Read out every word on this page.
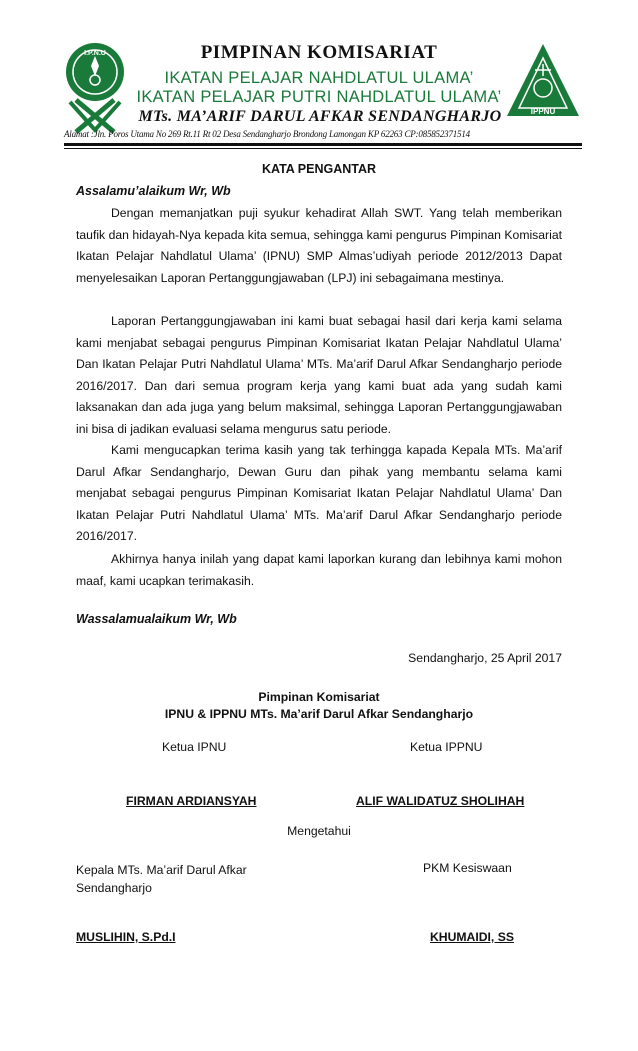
I.P.N.U
IPPNU
PIMPINAN KOMISARIAT
IKATAN PELAJAR NAHDLATUL ULAMA’
IKATAN PELAJAR PUTRI NAHDLATUL ULAMA’
MTs. MA’ARIF DARUL AFKAR SENDANGHARJO
Alamat :Jln. Poros Utama No 269 Rt.11 Rt 02 Desa Sendangharjo Brondong Lamongan KP 62263 CP:085852371514
KATA PENGANTAR
Assalamu’alaikum Wr, Wb
Dengan memanjatkan puji syukur kehadirat Allah SWT. Yang telah memberikan taufik dan hidayah-Nya kepada kita semua, sehingga kami pengurus Pimpinan Komisariat Ikatan Pelajar Nahdlatul Ulama’ (IPNU) SMP Almas’udiyah periode 2012/2013 Dapat menyelesaikan Laporan Pertanggungjawaban (LPJ) ini sebagaimana mestinya.
Laporan Pertanggungjawaban ini kami buat sebagai hasil dari kerja kami selama kami menjabat sebagai pengurus Pimpinan Komisariat Ikatan Pelajar Nahdlatul Ulama’ Dan Ikatan Pelajar Putri Nahdlatul Ulama’ MTs. Ma’arif Darul Afkar Sendangharjo periode 2016/2017. Dan dari semua program kerja yang kami buat ada yang sudah kami laksanakan dan ada juga yang belum maksimal, sehingga Laporan Pertanggungjawaban ini bisa di jadikan evaluasi selama mengurus satu periode.
Kami mengucapkan terima kasih yang tak terhingga kapada Kepala MTs. Ma’arif Darul Afkar Sendangharjo, Dewan Guru dan pihak yang membantu selama kami menjabat sebagai pengurus Pimpinan Komisariat Ikatan Pelajar Nahdlatul Ulama’ Dan Ikatan Pelajar Putri Nahdlatul Ulama’ MTs. Ma’arif Darul Afkar Sendangharjo periode 2016/2017.
Akhirnya hanya inilah yang dapat kami laporkan kurang dan lebihnya kami mohon maaf, kami ucapkan terimakasih.
Wassalamualaikum Wr, Wb
Sendangharjo, 25 April 2017
Pimpinan Komisariat
IPNU & IPPNU MTs. Ma’arif Darul Afkar Sendangharjo
Ketua IPNU	Ketua IPPNU
FIRMAN ARDIANSYAH	ALIF WALIDATUZ SHOLIHAH
Mengetahui
Kepala MTs. Ma’arif Darul Afkar Sendangharjo
PKM Kesiswaan
MUSLIHIN, S.Pd.I	KHUMAIDI, SS
